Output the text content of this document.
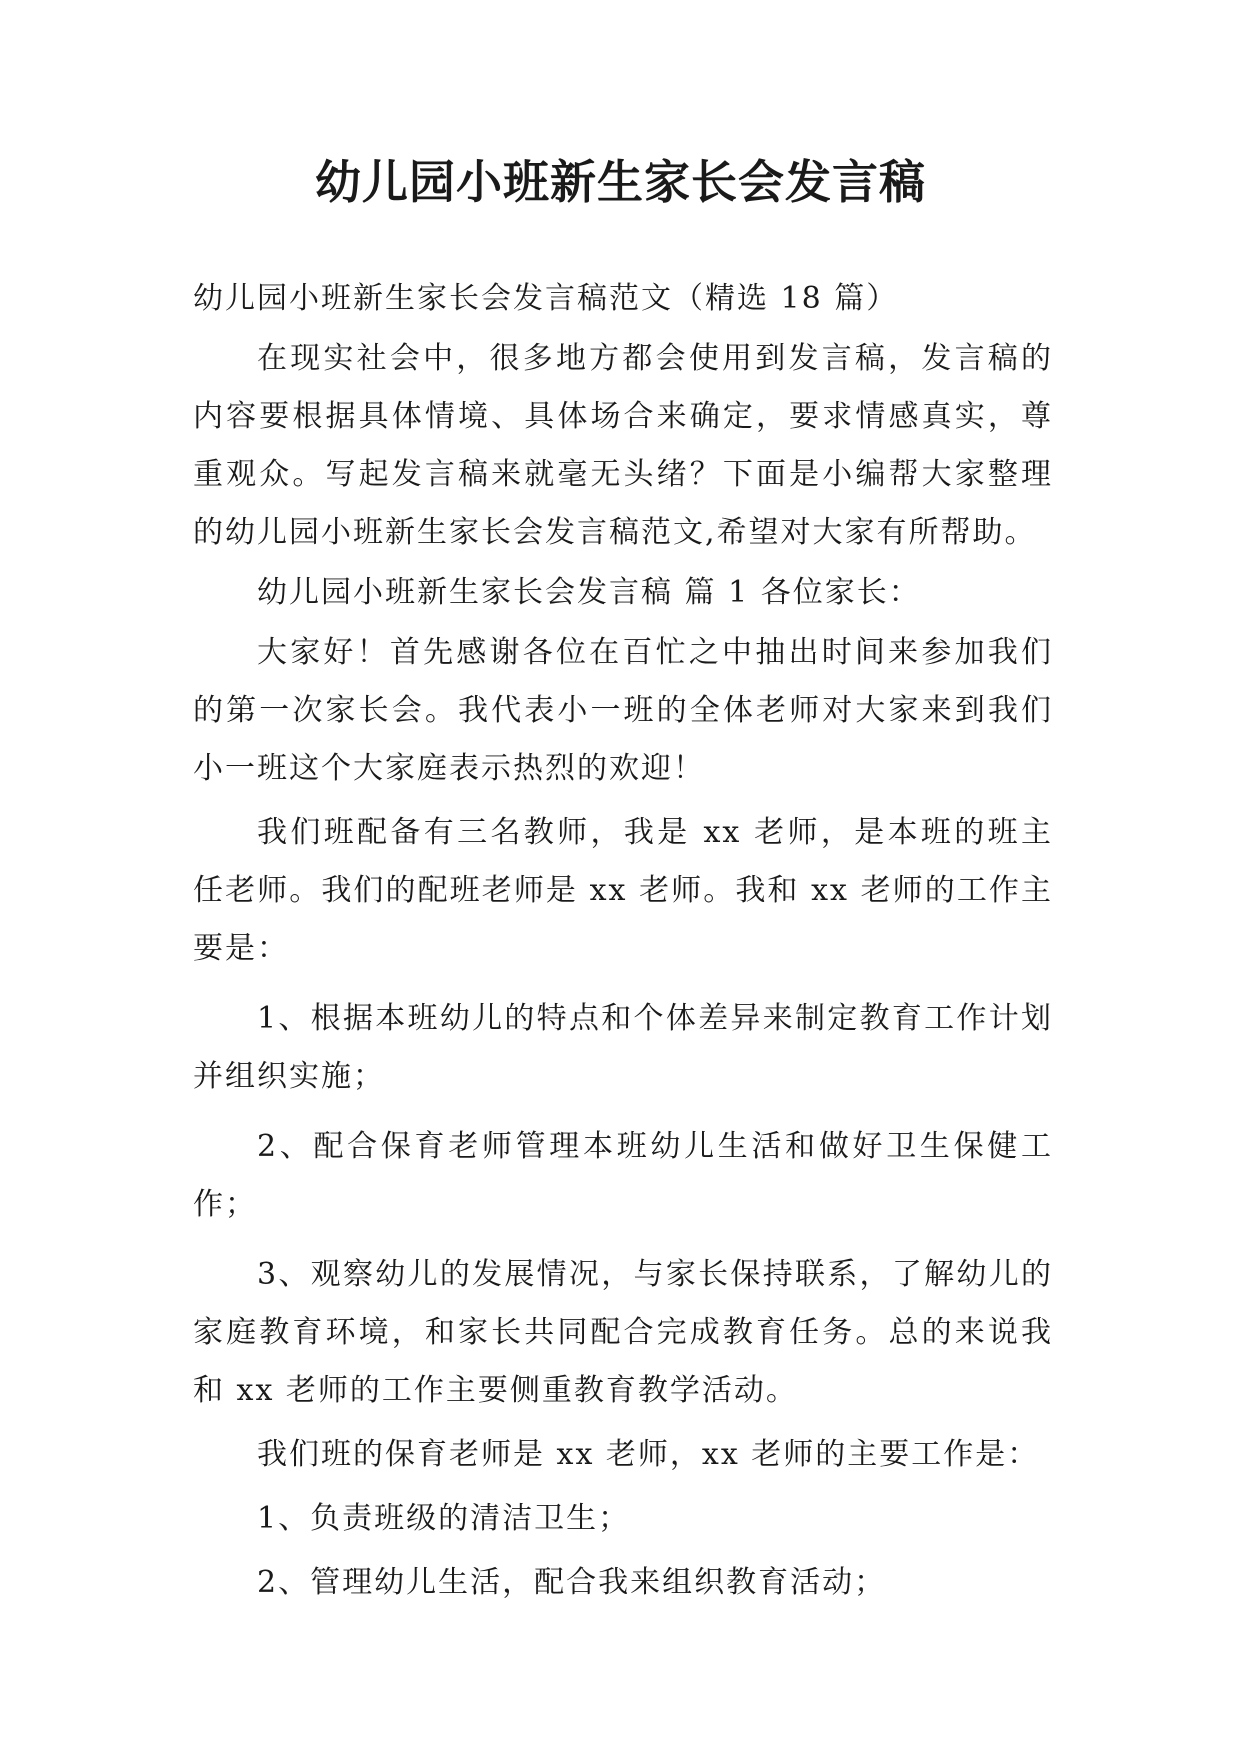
幼儿园小班新生家长会发言稿

幼儿园小班新生家长会发言稿范文（精选 18 篇）

在现实社会中，很多地方都会使用到发言稿，发言稿的内容要根据具体情境、具体场合来确定，要求情感真实，尊重观众。写起发言稿来就毫无头绪？下面是小编帮大家整理的幼儿园小班新生家长会发言稿范文,希望对大家有所帮助。

幼儿园小班新生家长会发言稿 篇 1 各位家长：

大家好！首先感谢各位在百忙之中抽出时间来参加我们的第一次家长会。我代表小一班的全体老师对大家来到我们小一班这个大家庭表示热烈的欢迎！

我们班配备有三名教师，我是 xx 老师，是本班的班主任老师。我们的配班老师是 xx 老师。我和 xx 老师的工作主要是：

1、根据本班幼儿的特点和个体差异来制定教育工作计划并组织实施；

2、配合保育老师管理本班幼儿生活和做好卫生保健工作；

3、观察幼儿的发展情况，与家长保持联系，了解幼儿的家庭教育环境，和家长共同配合完成教育任务。总的来说我和 xx 老师的工作主要侧重教育教学活动。

我们班的保育老师是 xx 老师，xx 老师的主要工作是：

1、负责班级的清洁卫生；

2、管理幼儿生活，配合我来组织教育活动；
